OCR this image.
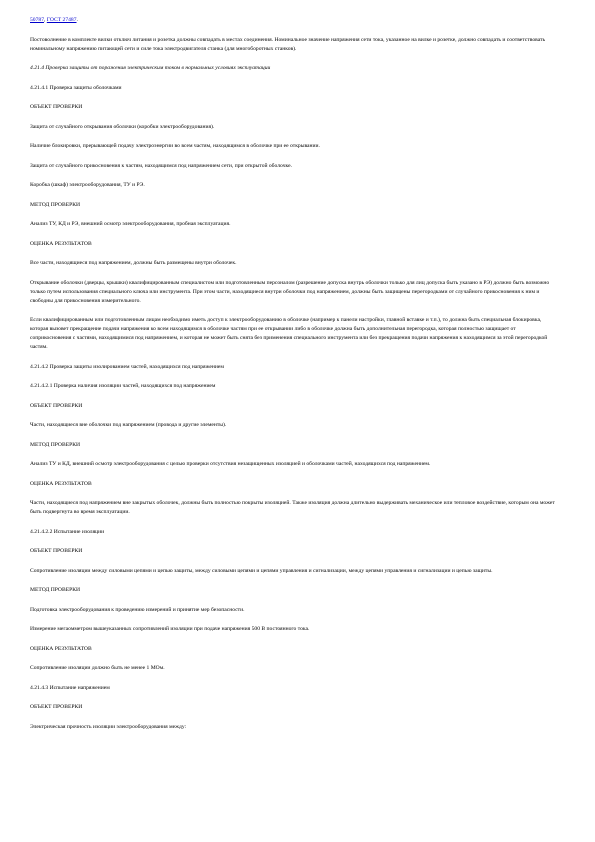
50787, ГОСТ 27487.
Постоволнение в комплекте вилки отключ литания и розетка должны совпадать в местах соединения. Номинальное значение напряжения сети тока, указанное на вилке и розетке, должно совпадать и соответствовать номинальному напряжению питающей сети и силе тока электродвигателя станка (для многоборотных станков).
4.21.4 Проверка защиты от поражения электрическим током в нормальных условиях эксплуатации
4.21.4.1 Проверка защиты оболочками
ОБЪЕКТ ПРОВЕРКИ
Защита от случайного открывания оболочки (коробки электрооборудования).
Наличие блокировки, прерывающей подачу электроэнергии во всем частям, находящимся в оболочке при ее открывании.
Защита от случайного прикосновения к частям, находящимся под напряжением сети, при открытой оболочке.
Коробка (шкаф) электрооборудования, ТУ и РЭ.
МЕТОД ПРОВЕРКИ
Анализ ТУ, КД и РЭ, внешний осмотр электрооборудования, пробная эксплуатация.
ОЦЕНКА РЕЗУЛЬТАТОВ
Все части, находящиеся под напряжением, должны быть размещены внутри оболочек.
Открывание оболочки (дверцы, крышки) квалифицированным специалистом или подготовленным персоналом (разрешение допуска внутрь оболочки только для лиц допуска быть указано в РЭ) должно быть возможно только путем использования специального ключа или инструмента. При этом части, находящиеся внутри оболочки под напряжением, должны быть защищены перегородками от случайного прикосновения к ним и свободны для прикосновения измерительного.
Если квалифицированным или подготовленным лицам необходимо иметь доступ к электрооборудованию в оболочке (например к панели настройки, главной вставке и т.п.), то должна быть специальная блокировка, которая вызовет прекращение подачи напряжения ко всем находящимся в оболочке частям при ее открывании либо в оболочке должна быть дополнительная перегородка, которая полностью защищает от соприкосновения с частями, находящимися под напряжением, и которая не может быть снята без применения специального инструмента или без прекращения подачи напряжения к находящимся за этой перегородкой частям.
4.21.4.2 Проверка защиты изолированием частей, находящихся под напряжением
4.21.4.2.1 Проверка наличия изоляции частей, находящихся под напряжением
ОБЪЕКТ ПРОВЕРКИ
Части, находящиеся вне оболочки под напряжением (провода и другие элементы).
МЕТОД ПРОВЕРКИ
Анализ ТУ и КД, внешний осмотр электрооборудования с целью проверки отсутствия незащищенных изоляцией и оболочками частей, находящихся под напряжением.
ОЦЕНКА РЕЗУЛЬТАТОВ
Части, находящиеся под напряжением вне закрытых оболочек, должны быть полностью покрыты изоляцией. Также изоляция должна длительно выдерживать механическое или тепловое воздействие, которым она может быть подвергнута во время эксплуатации.
4.21.4.2.2 Испытание изоляции
ОБЪЕКТ ПРОВЕРКИ
Сопротивление изоляции между силовыми цепями и цепью защиты, между силовыми цепями и цепями управления и сигнализации, между цепями управления и сигнализации и цепью защиты.
МЕТОД ПРОВЕРКИ
Подготовка электрооборудования к проведению измерений и принятие мер безопасности.
Измерение мегаомметром вышеуказанных сопротивлений изоляции при подаче напряжения 500 В постоянного тока.
ОЦЕНКА РЕЗУЛЬТАТОВ
Сопротивление изоляции должно быть не менее 1 МОм.
4.21.4.3 Испытание напряжением
ОБЪЕКТ ПРОВЕРКИ
Электрическая прочность изоляции электрооборудования между:
